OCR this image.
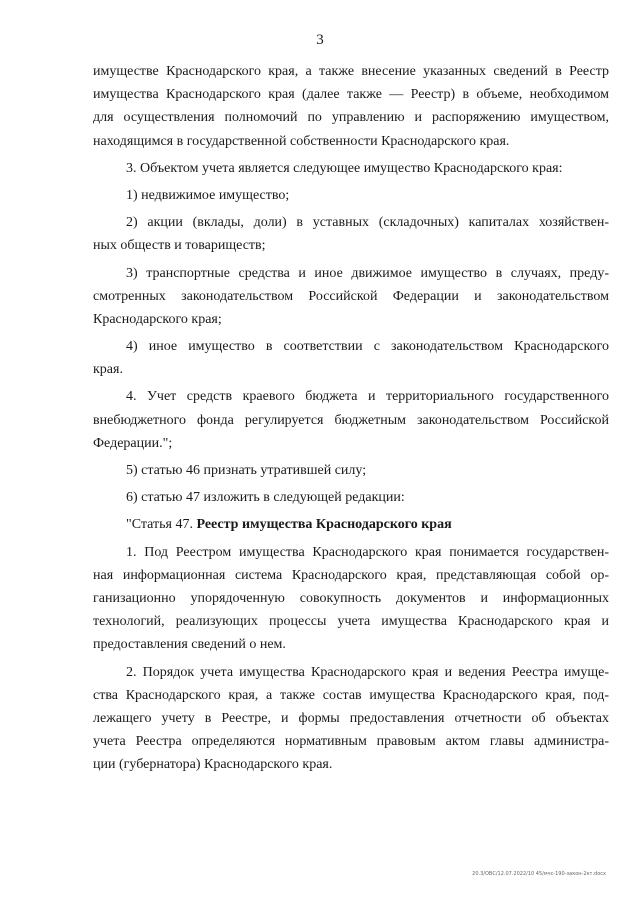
3
имуществе Краснодарского края, а также внесение указанных сведений в Реестр
имущества Краснодарского края (далее также — Реестр) в объеме, необходимом
для осуществления полномочий по управлению и распоряжению имуществом,
находящимся в государственной собственности Краснодарского края.
3. Объектом учета является следующее имущество Краснодарского края:
1) недвижимое имущество;
2) акции (вклады, доли) в уставных (складочных) капиталах хозяйствен-
ных обществ и товариществ;
3) транспортные средства и иное движимое имущество в случаях, преду-
смотренных законодательством Российской Федерации и законодательством
Краснодарского края;
4) иное имущество в соответствии с законодательством Краснодарского
края.
4. Учет средств краевого бюджета и территориального государственного
внебюджетного фонда регулируется бюджетным законодательством Российской
Федерации.";
5) статью 46 признать утратившей силу;
6) статью 47 изложить в следующей редакции:
"Статья 47. Реестр имущества Краснодарского края
1. Под Реестром имущества Краснодарского края понимается государствен-
ная информационная система Краснодарского края, представляющая собой ор-
ганизационно упорядоченную совокупность документов и информационных
технологий, реализующих процессы учета имущества Краснодарского края и
предоставления сведений о нем.
2. Порядок учета имущества Краснодарского края и ведения Реестра имуще-
ства Краснодарского края, а также состав имущества Краснодарского края, под-
лежащего учету в Реестре, и формы предоставления отчетности об объектах
учета Реестра определяются нормативным правовым актом главы администра-
ции (губернатора) Краснодарского края.
20.3/ОВС/12.07.2022/10 45/мчс-190-закон-2кт.docx
